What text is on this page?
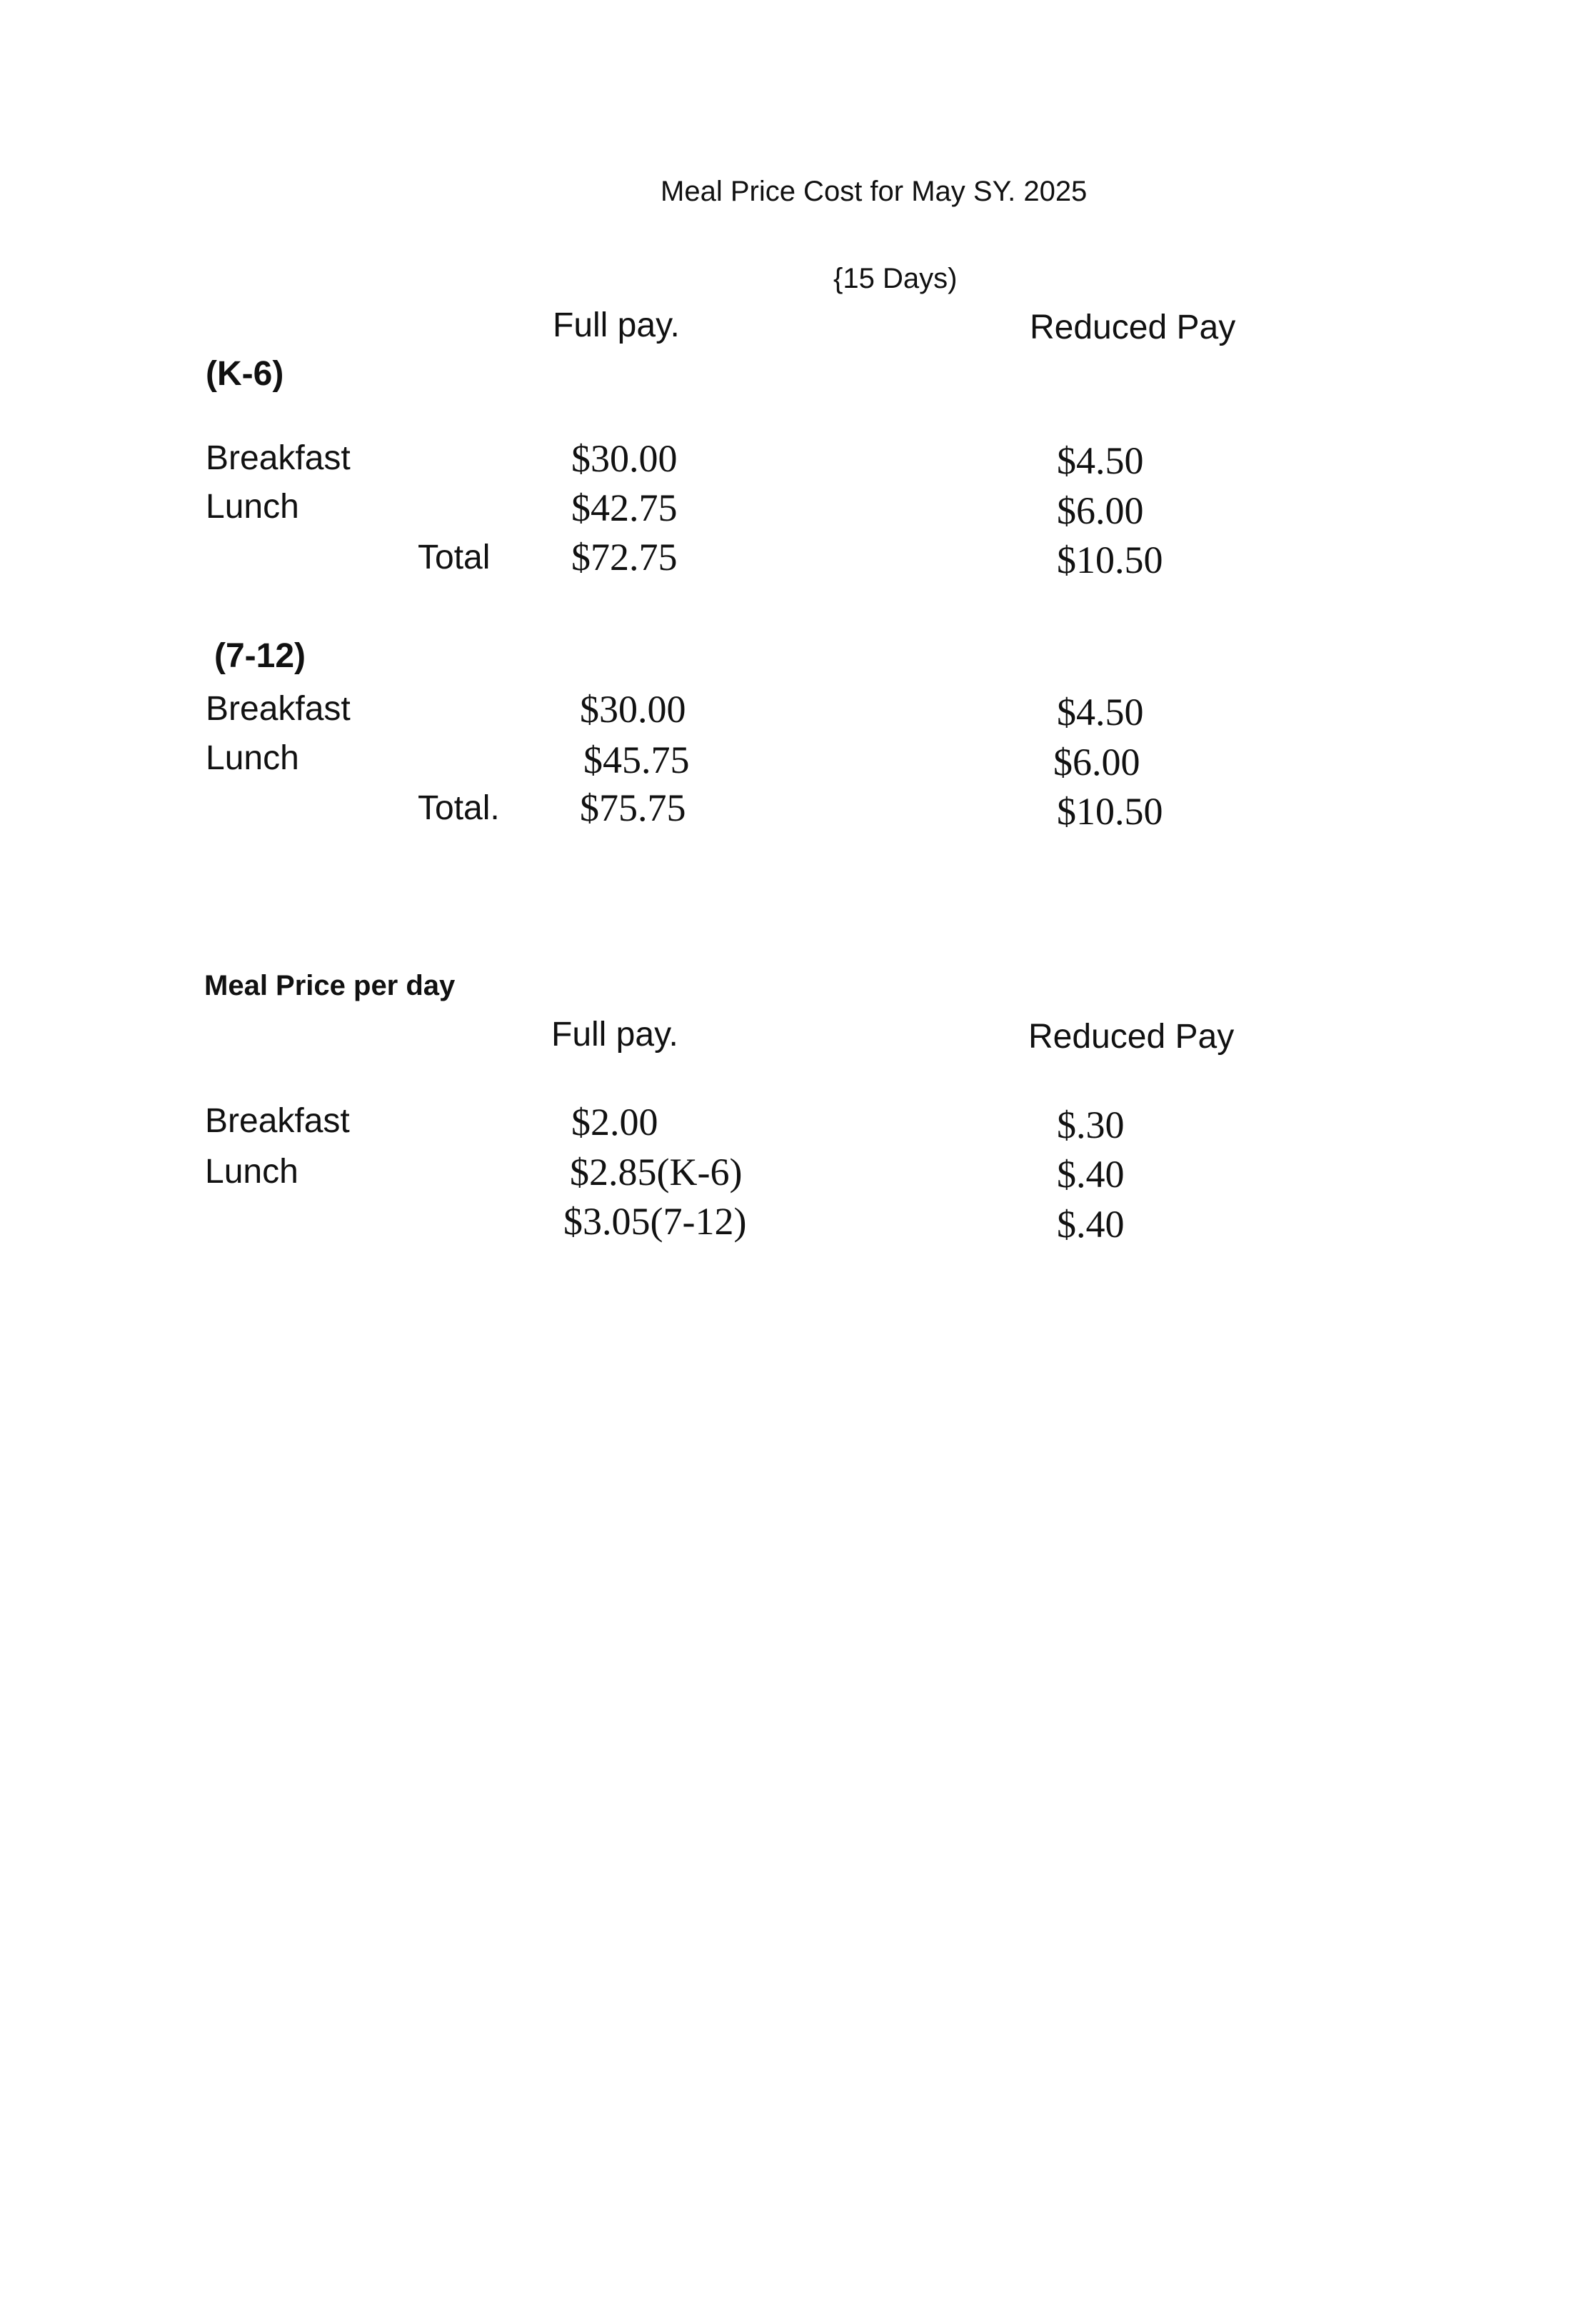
Meal Price Cost for May SY. 2025
{15 Days)
Full pay.	Reduced Pay
(K-6)
Breakfast	$30.00	$4.50
Lunch	$42.75	$6.00
Total $72.75	$10.50
(7-12)
Breakfast	$30.00	$4.50
Lunch	$45.75	$6.00
Total. $75.75	$10.50
Meal Price per day
Full pay.	Reduced Pay
Breakfast	$2.00	$.30
Lunch	$2.85(K-6)	$.40
$3.05(7-12)	$.40
